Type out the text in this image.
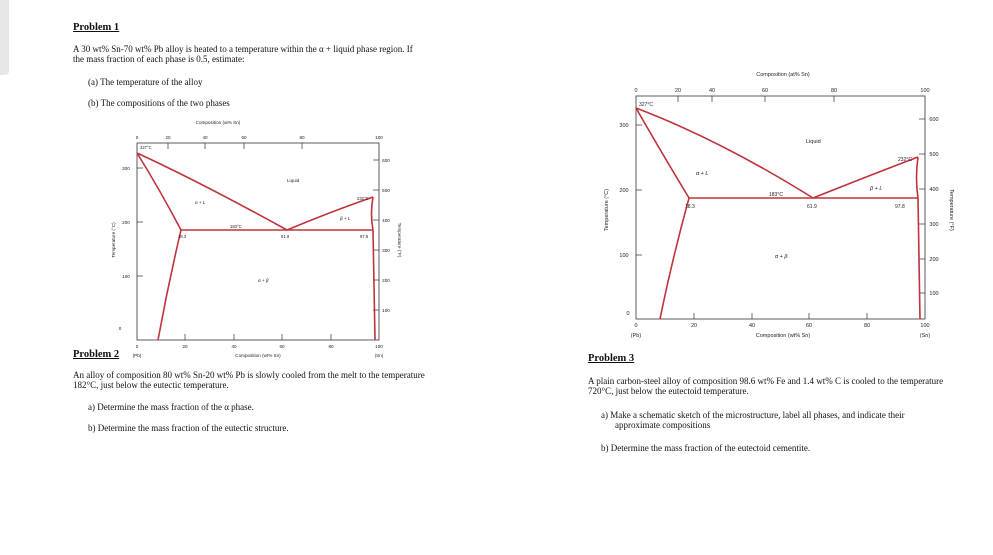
Problem 1
A 30 wt% Sn-70 wt% Pb alloy is heated to a temperature within the α + liquid phase region. If
the mass fraction of each phase is 0.5, estimate:
(a) The temperature of the alloy
(b) The compositions of the two phases
Composition (at% Sn)
0	20	40	60	80	100
0
100
200
300
Temperature (°C)
100
200
300
400
500
600
Temperature (°F)
0	20	40	60	80	100
(Pb)	(Sn)
Composition (wt% Sn)
327°C
232°C
183°C
18.3	61.9	97.8
Liquid
α + L
β + L
α + β
Problem 2
An alloy of composition 80 wt% Sn-20 wt% Pb is slowly cooled from the melt to the temperature
182°C, just below the eutectic temperature.
a) Determine the mass fraction of the α phase.
b) Determine the mass fraction of the eutectic structure.
Composition (at% Sn)
0	20	40	60	80	100
0
100
200
300
Temperature (°C)
100
200
300
400
500
600
Temperature (°F)
0	20	40	60	80	100
(Pb)	(Sn)
Composition (wt% Sn)
327°C
232°C
183°C
18.3	61.9	97.8
Liquid
α + L
β + L
α + β
Problem 3
A plain carbon-steel alloy of composition 98.6 wt% Fe and 1.4 wt% C is cooled to the temperature
720°C, just below the eutectoid temperature.
a) Make a schematic sketch of the microstructure, label all phases, and indicate their
approximate compositions
b) Determine the mass fraction of the eutectoid cementite.
